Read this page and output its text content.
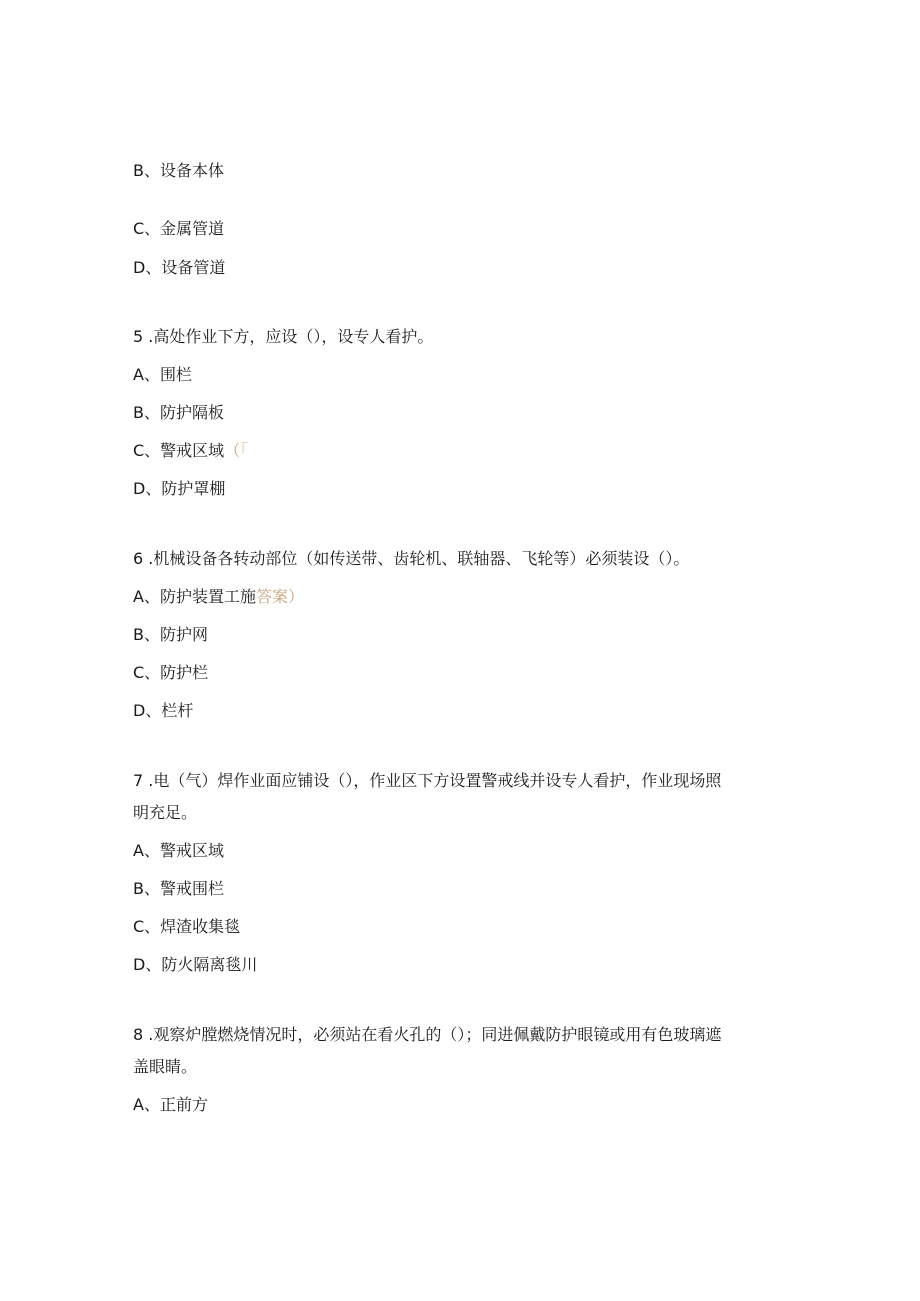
B、设备本体
C、金属管道
D、设备管道
5 .高处作业下方，应设（），设专人看护。
A、围栏
B、防护隔板
C、警戒区域（「
D、防护罩棚
6 .机械设备各转动部位（如传送带、齿轮机、联轴器、飞轮等）必须装设（）。
A、防护装置工施答案）
B、防护网
C、防护栏
D、栏杆
7 .电（气）焊作业面应铺设（），作业区下方设置警戒线并设专人看护，作业现场照
明充足。
A、警戒区域
B、警戒围栏
C、焊渣收集毯
D、防火隔离毯川
8 .观察炉膛燃烧情况时，必须站在看火孔的（）；同进佩戴防护眼镜或用有色玻璃遮
盖眼睛。
A、正前方
